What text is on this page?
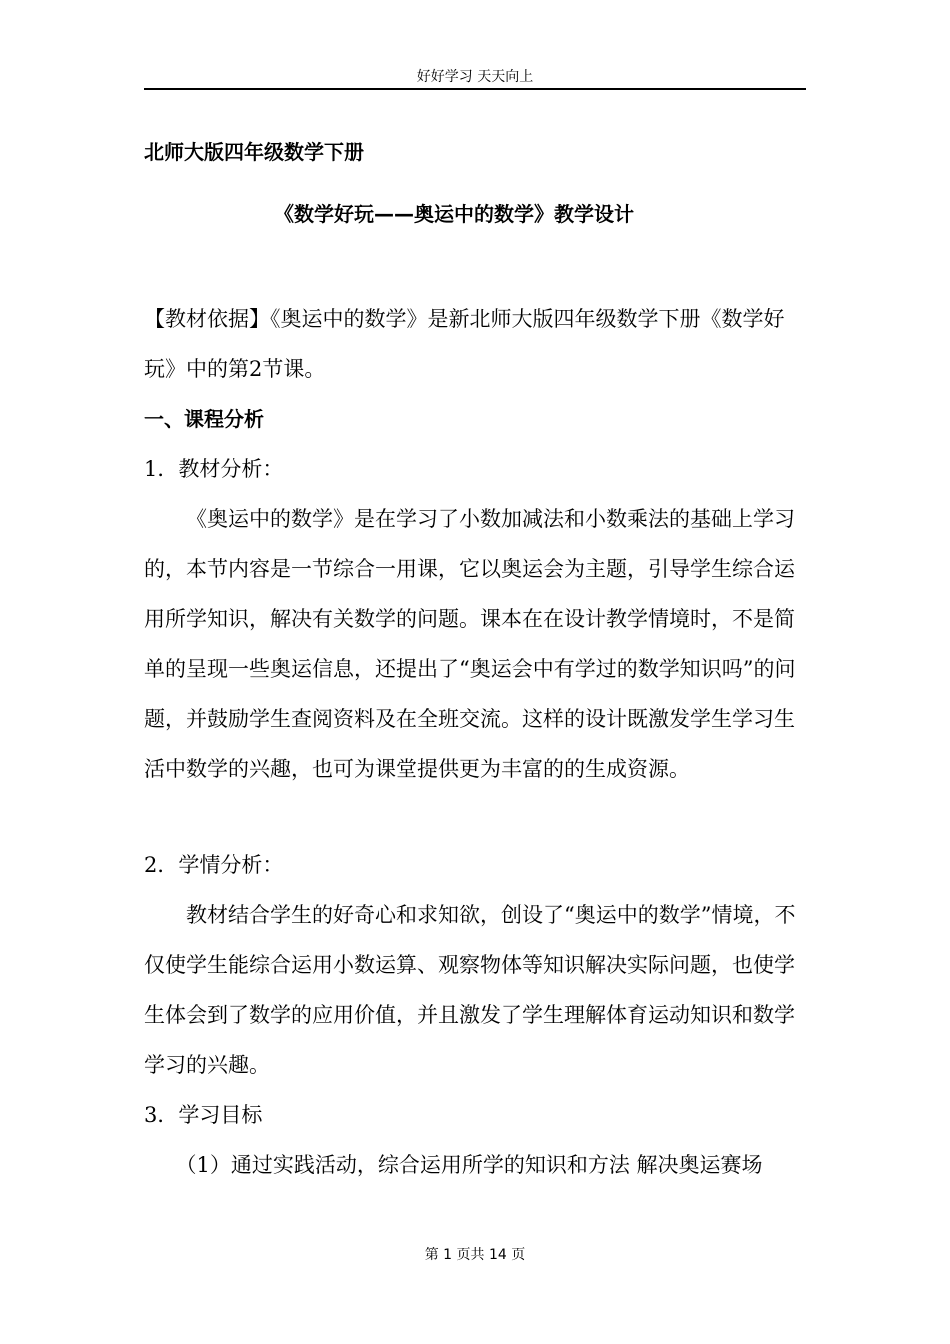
好好学习 天天向上
北师大版四年级数学下册
《数学好玩——奥运中的数学》教学设计

【教材依据】《奥运中的数学》是新北师大版四年级数学下册《数学好玩》中的第2节课。

一、课程分析
1．教材分析：

《奥运中的数学》是在学习了小数加减法和小数乘法的基础上学习的，本节内容是一节综合一用课，它以奥运会为主题，引导学生综合运用所学知识，解决有关数学的问题。课本在在设计教学情境时，不是简单的呈现一些奥运信息，还提出了“奥运会中有学过的数学知识吗”的问题，并鼓励学生查阅资料及在全班交流。这样的设计既激发学生学习生活中数学的兴趣，也可为课堂提供更为丰富的的生成资源。

2．学情分析：

教材结合学生的好奇心和求知欲，创设了“奥运中的数学”情境，不仅使学生能综合运用小数运算、观察物体等知识解决实际问题，也使学生体会到了数学的应用价值，并且激发了学生理解体育运动知识和数学学习的兴趣。

3．学习目标
（1）通过实践活动，综合运用所学的知识和方法 解决奥运赛场
第 1 页共 14 页
